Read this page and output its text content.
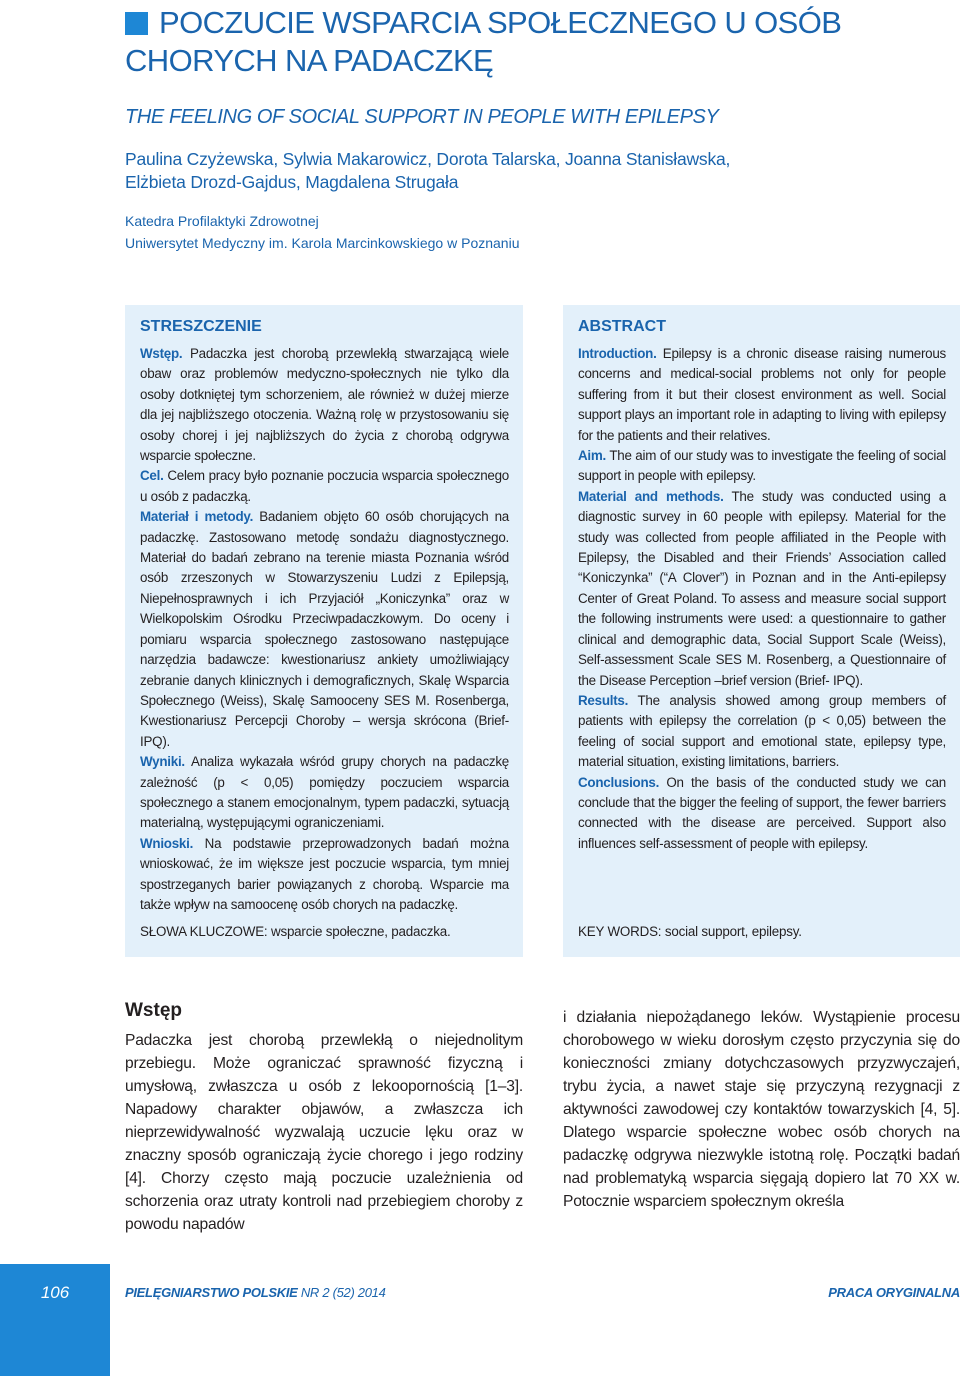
POCZUCIE WSPARCIA SPOŁECZNEGO U OSÓB CHORYCH NA PADACZKĘ
THE FEELING OF SOCIAL SUPPORT IN PEOPLE WITH EPILEPSY

Paulina Czyżewska, Sylwia Makarowicz, Dorota Talarska, Joanna Stanisławska,
Elżbieta Drozd-Gajdus, Magdalena Strugała

Katedra Profilaktyki Zdrowotnej
Uniwersytet Medyczny im. Karola Marcinkowskiego w Poznaniu

STRESZCZENIE

Wstęp. Padaczka jest chorobą przewlekłą stwarzającą wiele obaw oraz problemów medyczno-społecznych nie tylko dla osoby dotkniętej tym schorzeniem, ale również w dużej mierze dla jej najbliższego otoczenia. Ważną rolę w przystosowaniu się osoby chorej i jej najbliższych do życia z chorobą odgrywa wsparcie społeczne.

Cel. Celem pracy było poznanie poczucia wsparcia społecznego u osób z padaczką.

Materiał i metody. Badaniem objęto 60 osób chorujących na padaczkę. Zastosowano metodę sondażu diagnostycznego. Materiał do badań zebrano na terenie miasta Poznania wśród osób zrzeszonych w Stowarzyszeniu Ludzi z Epilepsją, Niepełnosprawnych i ich Przyjaciół „Koniczynka” oraz w Wielkopolskim Ośrodku Przeciwpadaczkowym. Do oceny i pomiaru wsparcia społecznego zastosowano następujące narzędzia badawcze: kwestionariusz ankiety umożliwiający zebranie danych klinicznych i demograficznych, Skalę Wsparcia Społecznego (Weiss), Skalę Samooceny SES M. Rosenberga, Kwestionariusz Percepcji Choroby – wersja skrócona (Brief- IPQ).

Wyniki. Analiza wykazała wśród grupy chorych na padaczkę zależność (p < 0,05) pomiędzy poczuciem wsparcia społecznego a stanem emocjonalnym, typem padaczki, sytuacją materialną, występującymi ograniczeniami.

Wnioski. Na podstawie przeprowadzonych badań można wnioskować, że im większe jest poczucie wsparcia, tym mniej spostrzeganych barier powiązanych z chorobą. Wsparcie ma także wpływ na samoocenę osób chorych na padaczkę.

SŁOWA KLUCZOWE: wsparcie społeczne, padaczka.

ABSTRACT

Introduction. Epilepsy is a chronic disease raising numerous concerns and medical-social problems not only for people suffering from it but their closest environment as well. Social support plays an important role in adapting to living with epilepsy for the patients and their relatives.

Aim. The aim of our study was to investigate the feeling of social support in people with epilepsy.

Material and methods. The study was conducted using a diagnostic survey in 60 people with epilepsy. Material for the study was collected from people affiliated in the People with Epilepsy, the Disabled and their Friends’ Association called “Koniczynka” (“A Clover”) in Poznan and in the Anti-epilepsy Center of Great Poland. To assess and measure social support the following instruments were used: a questionnaire to gather clinical and demographic data, Social Support Scale (Weiss), Self-assessment Scale SES M. Rosenberg, a Questionnaire of the Disease Perception –brief version (Brief- IPQ).

Results. The analysis showed among group members of patients with epilepsy the correlation (p < 0,05) between the feeling of social support and emotional state, epilepsy type, material situation, existing limitations, barriers.

Conclusions. On the basis of the conducted study we can conclude that the bigger the feeling of support, the fewer barriers connected with the disease are perceived. Support also influences self-assessment of people with epilepsy.

KEY WORDS: social support, epilepsy.

Wstęp

Padaczka jest chorobą przewlekłą o niejednolitym przebiegu. Może ograniczać sprawność fizyczną i umysłową, zwłaszcza u osób z lekoopornością [1–3]. Napadowy charakter objawów, a zwłaszcza ich nieprzewidywalność wyzwalają uczucie lęku oraz w znaczny sposób ograniczają życie chorego i jego rodziny [4]. Chorzy często mają poczucie uzależnienia od schorzenia oraz utraty kontroli nad przebiegiem choroby z powodu napadów

i działania niepożądanego leków. Wystąpienie procesu chorobowego w wieku dorosłym często przyczynia się do konieczności zmiany dotychczasowych przyzwyczajeń, trybu życia, a nawet staje się przyczyną rezygnacji z aktywności zawodowej czy kontaktów towarzyskich [4, 5]. Dlatego wsparcie społeczne wobec osób chorych na padaczkę odgrywa niezwykle istotną rolę. Początki badań nad problematyką wsparcia sięgają dopiero lat 70 XX w. Potocznie wsparciem społecznym określa

106	PIELĘGNIARSTWO POLSKIE NR 2 (52) 2014	PRACA ORYGINALNA
